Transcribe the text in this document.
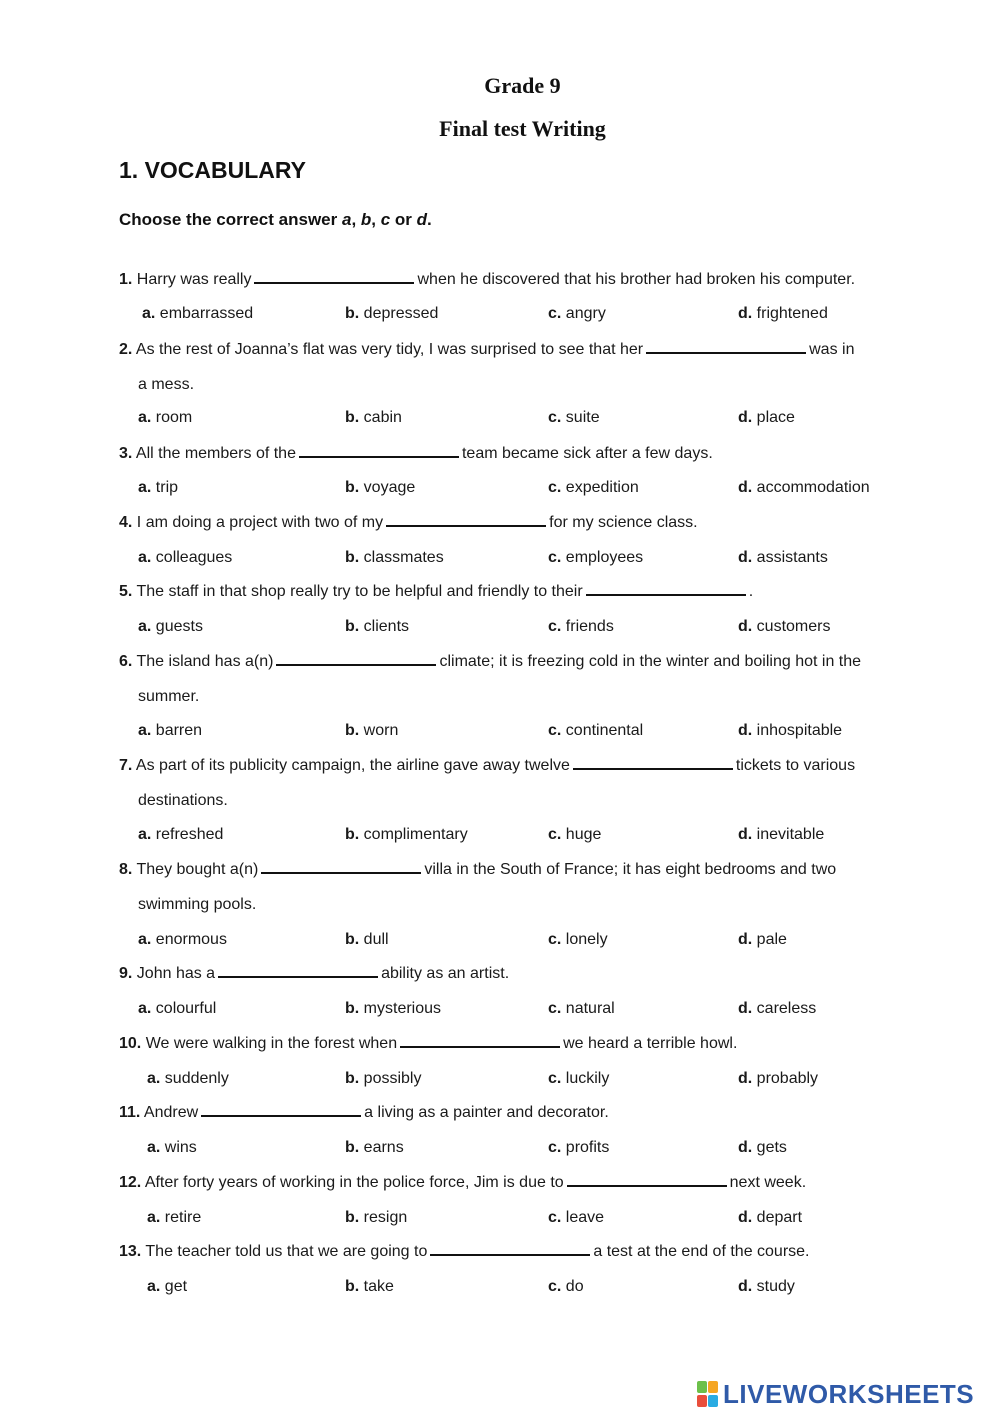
Grade 9
Final test Writing
1. VOCABULARY
Choose the correct answer a, b, c or d.
1. Harry was really	when he discovered that his brother had broken his computer.
a. embarrassed	b. depressed	c. angry	d. frightened
2. As the rest of Joanna’s flat was very tidy, I was surprised to see that her	was in
a mess.
a. room	b. cabin	c. suite	d. place
3. All the members of the	team became sick after a few days.
a. trip	b. voyage	c. expedition	d. accommodation
4. I am doing a project with two of my	for my science class.
a. colleagues	b. classmates	c. employees	d. assistants
5. The staff in that shop really try to be helpful and friendly to their	.
a. guests	b. clients	c. friends	d. customers
6. The island has a(n)	climate; it is freezing cold in the winter and boiling hot in the
summer.
a. barren	b. worn	c. continental	d. inhospitable
7. As part of its publicity campaign, the airline gave away twelve	tickets to various
destinations.
a. refreshed	b. complimentary	c. huge	d. inevitable
8. They bought a(n)	villa in the South of France; it has eight bedrooms and two
swimming pools.
a. enormous	b. dull	c. lonely	d. pale
9. John has a	ability as an artist.
a. colourful	b. mysterious	c. natural	d. careless
10. We were walking in the forest when	we heard a terrible howl.
a. suddenly	b. possibly	c. luckily	d. probably
11. Andrew	a living as a painter and decorator.
a. wins	b. earns	c. profits	d. gets
12. After forty years of working in the police force, Jim is due to	next week.
a. retire	b. resign	c. leave	d. depart
13. The teacher told us that we are going to	a test at the end of the course.
a. get	b. take	c. do	d. study
LIVEWORKSHEETS
